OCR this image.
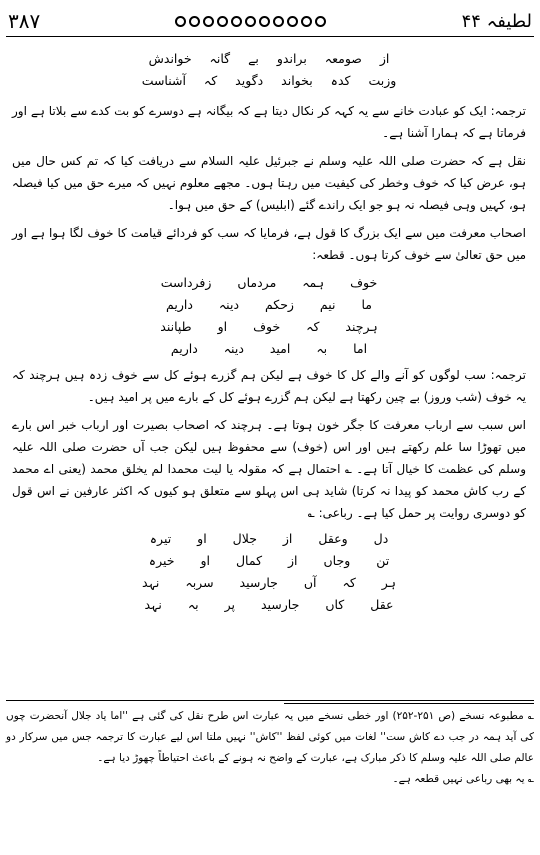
۳۸۷	لطیفہ ۴۴
از صومعہ براندو بے گانہ خواندش
وزبت کدہ بخواند دگوید کہ آشناست
ترجمہ: ایک کو عبادت خانے سے یہ کہہ کر نکال دیتا ہے کہ بیگانہ ہے دوسرے کو بت کدے سے بلاتا ہے اور فرماتا ہے کہ ہمارا آشنا ہے۔
نقل ہے کہ حضرت صلی اللہ علیہ وسلم نے جبرئیل علیہ السلام سے دریافت کیا کہ تم کس حال میں ہو، عرض کیا کہ خوف وخطر کی کیفیت میں رہتا ہوں۔ مجھے معلوم نہیں کہ میرے حق میں کیا فیصلہ ہو، کہیں وہی فیصلہ نہ ہو جو ایک راندے گئے (ابلیس) کے حق میں ہوا۔
اصحاب معرفت میں سے ایک بزرگ کا قول ہے، فرمایا کہ سب کو فردائے قیامت کا خوف لگا ہوا ہے اور میں حق تعالیٰ سے خوف کرتا ہوں۔ قطعہ:
خوف ہمہ مردماں زفرداست
ما نیم زحکم دینہ داریم
ہرچند کہ خوف او طپانند
اما بہ امید دینہ داریم
ترجمہ: سب لوگوں کو آنے والے کل کا خوف ہے لیکن ہم گزرے ہوئے کل سے خوف زدہ ہیں ہرچند کہ یہ خوف (شب وروز) بے چین رکھتا ہے لیکن ہم گزرے ہوئے کل کے بارے میں پر امید ہیں۔
اس سبب سے ارباب معرفت کا جگر خون ہوتا ہے۔ ہرچند کہ اصحاب بصیرت اور ارباب خبر اس بارے میں تھوڑا سا علم رکھتے ہیں اور اس (خوف) سے محفوظ ہیں لیکن جب آں حضرت صلی اللہ علیہ وسلم کی عظمت کا خیال آتا ہے۔ ؎ احتمال ہے کہ مقولہ یا لیت محمدا لم یخلق محمد (یعنی اے محمد کے رب کاش محمد کو پیدا نہ کرتا) شاید ہی اس پہلو سے متعلق ہو کیوں کہ اکثر عارفین نے اس قول کو دوسری روایت پر حمل کیا ہے۔ رباعی: ؎
دل وعقل از جلال او تیرہ
تن وجاں از کمال او خیرہ
ہر کہ آں جارسید سربہ نہد
عقل کاں جارسید پر بہ نہد
؎ مطبوعہ نسخے (ص ۲۵۱-۲۵۲) اور خطی نسخے میں یہ عبارت اس طرح نقل کی گئی ہے ''اما یاد جلال آنحضرت چوں کی آید ہمہ در جب دے کاش ست'' لغات میں کوئی لفظ ''کاش'' نہیں ملتا اس لیے عبارت کا ترجمہ جس میں سرکار دو عالم صلی اللہ علیہ وسلم کا ذکر مبارک ہے، عبارت کے واضح نہ ہونے کے باعث احتیاطاً چھوڑ دیا ہے۔
؎ یہ بھی رباعی نہیں قطعہ ہے۔
